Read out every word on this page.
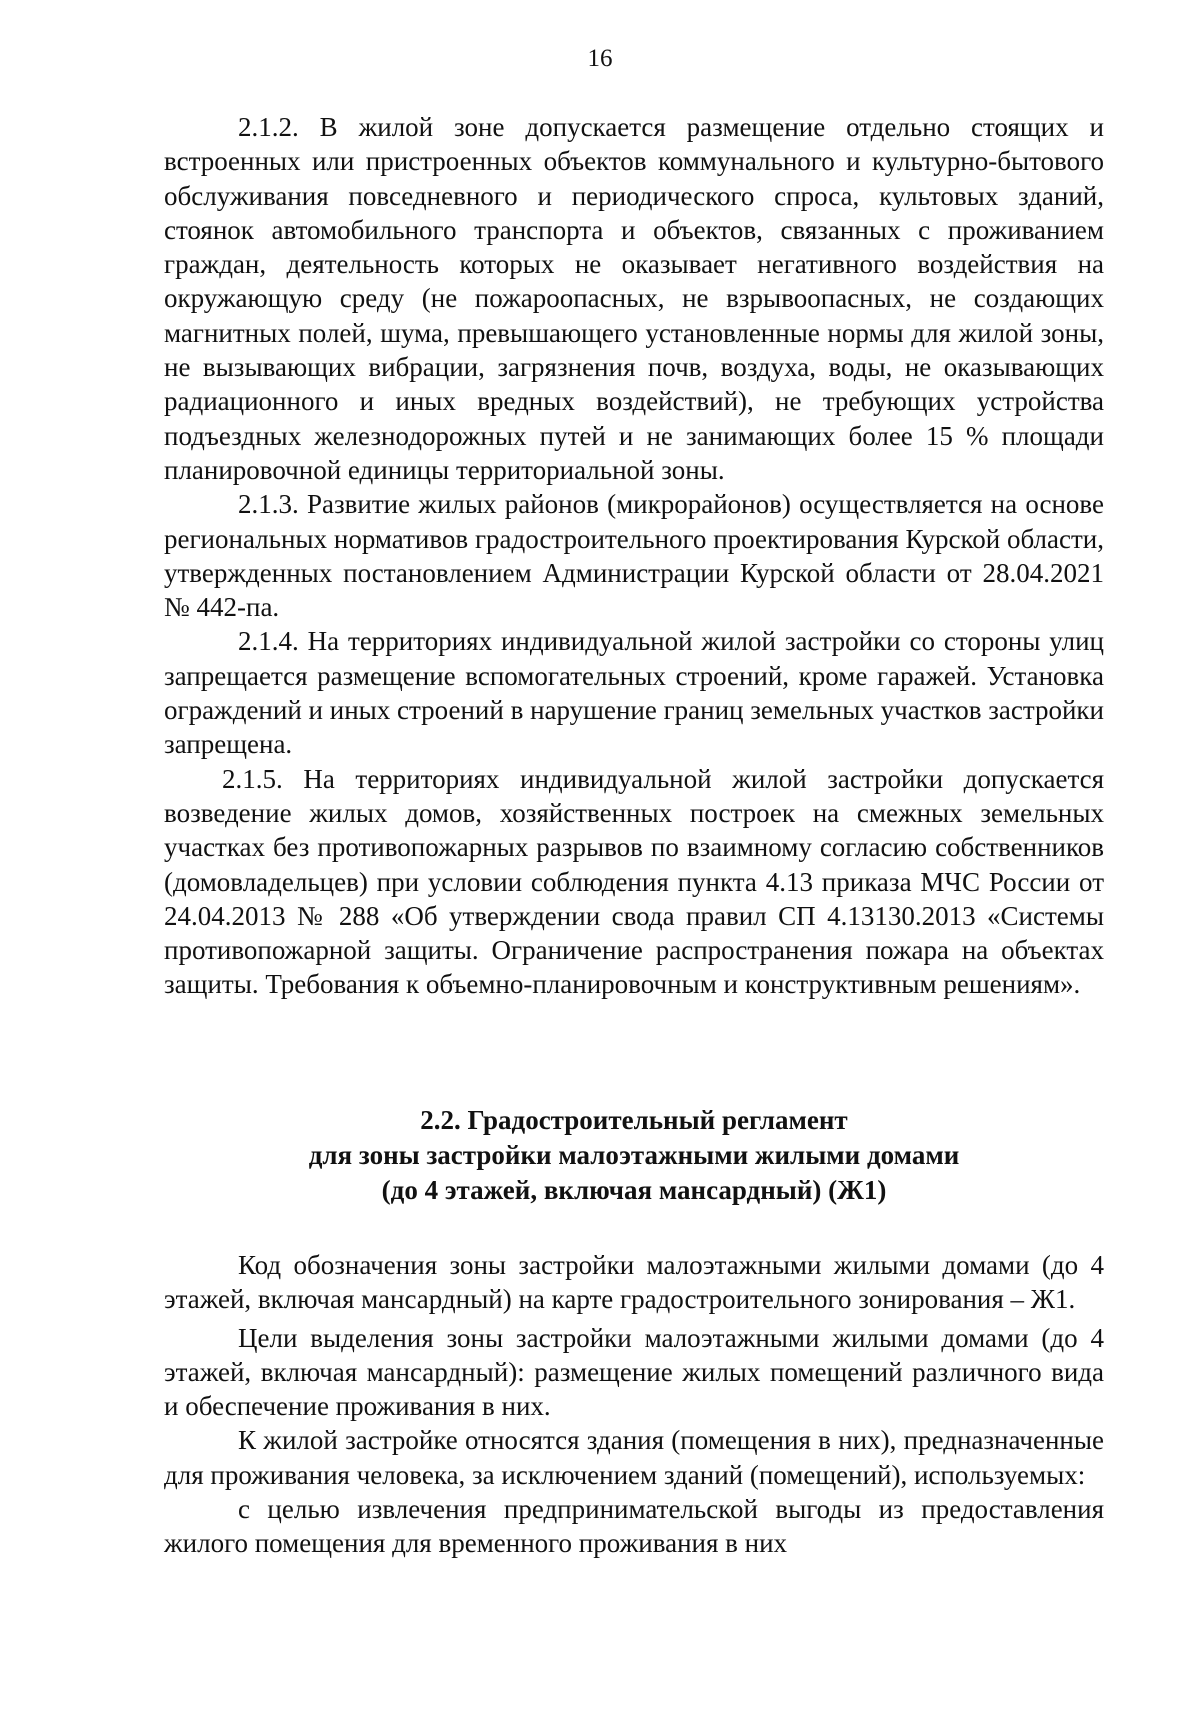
16

2.1.2. В жилой зоне допускается размещение отдельно стоящих и встроенных или пристроенных объектов коммунального и культурно-бытового обслуживания повседневного и периодического спроса, культовых зданий, стоянок автомобильного транспорта и объектов, связанных с проживанием граждан, деятельность которых не оказывает негативного воздействия на окружающую среду (не пожароопасных, не взрывоопасных, не создающих магнитных полей, шума, превышающего установленные нормы для жилой зоны, не вызывающих вибрации, загрязнения почв, воздуха, воды, не оказывающих радиационного и иных вредных воздействий), не требующих устройства подъездных железнодорожных путей и не занимающих более 15 % площади планировочной единицы территориальной зоны.

2.1.3. Развитие жилых районов (микрорайонов) осуществляется на основе региональных нормативов градостроительного проектирования Курской области, утвержденных постановлением Администрации Курской области от 28.04.2021 № 442-па.

2.1.4. На территориях индивидуальной жилой застройки со стороны улиц запрещается размещение вспомогательных строений, кроме гаражей. Установка ограждений и иных строений в нарушение границ земельных участков застройки запрещена.

2.1.5. На территориях индивидуальной жилой застройки допускается возведение жилых домов, хозяйственных построек на смежных земельных участках без противопожарных разрывов по взаимному согласию собственников (домовладельцев) при условии соблюдения пункта 4.13 приказа МЧС России от 24.04.2013 № 288 «Об утверждении свода правил СП 4.13130.2013 «Системы противопожарной защиты. Ограничение распространения пожара на объектах защиты. Требования к объемно-планировочным и конструктивным решениям».

2.2. Градостроительный регламент
для зоны застройки малоэтажными жилыми домами
(до 4 этажей, включая мансардный) (Ж1)

Код обозначения зоны застройки малоэтажными жилыми домами (до 4 этажей, включая мансардный) на карте градостроительного зонирования – Ж1.

Цели выделения зоны застройки малоэтажными жилыми домами (до 4 этажей, включая мансардный): размещение жилых помещений различного вида и обеспечение проживания в них.

К жилой застройке относятся здания (помещения в них), предназначенные для проживания человека, за исключением зданий (помещений), используемых:

с целью извлечения предпринимательской выгоды из предоставления жилого помещения для временного проживания в них
